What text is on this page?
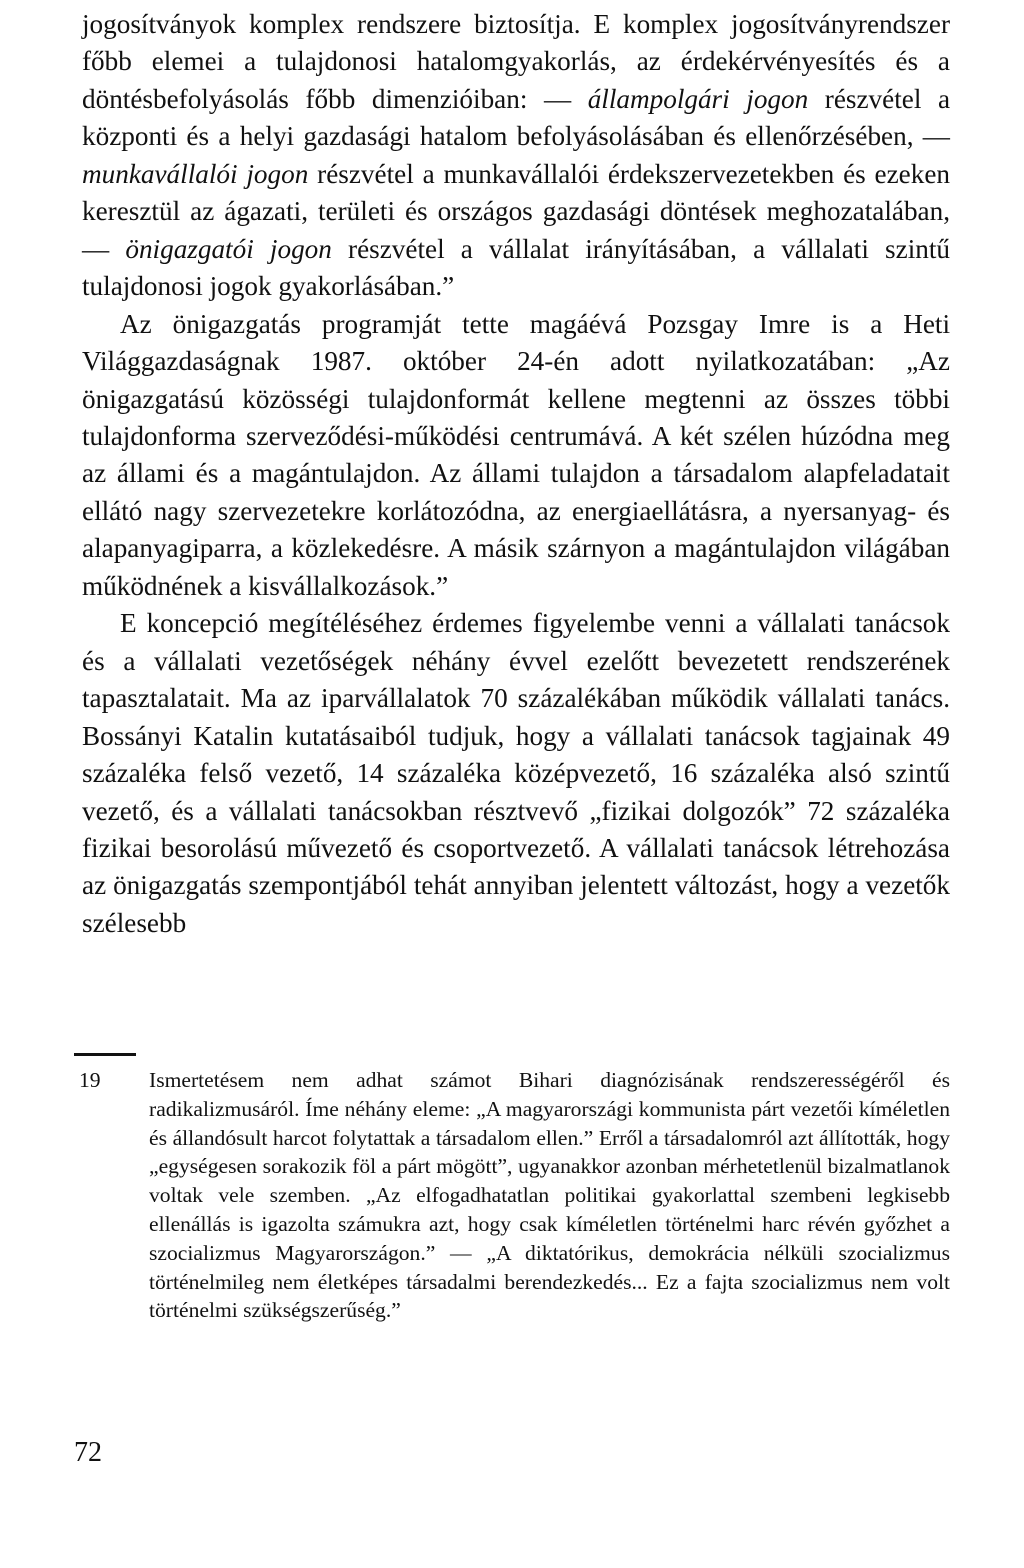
jogosítványok komplex rendszere biztosítja. E komplex jogosítványrendszer főbb elemei a tulajdonosi hatalomgyakorlás, az érdekérvényesítés és a döntésbefolyásolás főbb dimenzióiban: — állampolgári jogon részvétel a központi és a helyi gazdasági hatalom befolyásolásában és ellenőrzésében, — munkavállalói jogon részvétel a munkavállalói érdekszervezetekben és ezeken keresztül az ágazati, területi és országos gazdasági döntések meghozatalában, — önigazgatói jogon részvétel a vállalat irányításában, a vállalati szintű tulajdonosi jogok gyakorlásában.”

Az önigazgatás programját tette magáévá Pozsgay Imre is a Heti Világgazdaságnak 1987. október 24-én adott nyilatkozatában: „Az önigazgatású közösségi tulajdonformát kellene megtenni az összes többi tulajdonforma szerveződési-működési centrumává. A két szélen húzódna meg az állami és a magántulajdon. Az állami tulajdon a társadalom alapfeladatait ellátó nagy szervezetekre korlátozódna, az energiaellátásra, a nyersanyag- és alapanyagiparra, a közlekedésre. A másik szárnyon a magántulajdon világában működnének a kisvállalkozások.”

E koncepció megítéléséhez érdemes figyelembe venni a vállalati tanácsok és a vállalati vezetőségek néhány évvel ezelőtt bevezetett rendszerének tapasztalatait. Ma az iparvállalatok 70 százalékában működik vállalati tanács. Bossányi Katalin kutatásaiból tudjuk, hogy a vállalati tanácsok tagjainak 49 százaléka felső vezető, 14 százaléka középvezető, 16 százaléka alsó szintű vezető, és a vállalati tanácsokban résztvevő „fizikai dolgozók” 72 százaléka fizikai besorolású művezető és csoportvezető. A vállalati tanácsok létrehozása az önigazgatás szempontjából tehát annyiban jelentett változást, hogy a vezetők szélesebb

19 Ismertetésem nem adhat számot Bihari diagnózisának rendszerességéről és radikalizmusáról. Íme néhány eleme: „A magyarországi kommunista párt vezetői kíméletlen és állandósult harcot folytattak a társadalom ellen.” Erről a társadalomról azt állították, hogy „egységesen sorakozik föl a párt mögött”, ugyanakkor azonban mérhetetlenül bizalmatlanok voltak vele szemben. „Az elfogadhatatlan politikai gyakorlattal szembeni legkisebb ellenállás is igazolta számukra azt, hogy csak kíméletlen történelmi harc révén győzhet a szocializmus Magyarországon.” — „A diktatórikus, demokrácia nélküli szocializmus történelmileg nem életképes társadalmi berendezkedés... Ez a fajta szocializmus nem volt történelmi szükségszerűség.”
72
